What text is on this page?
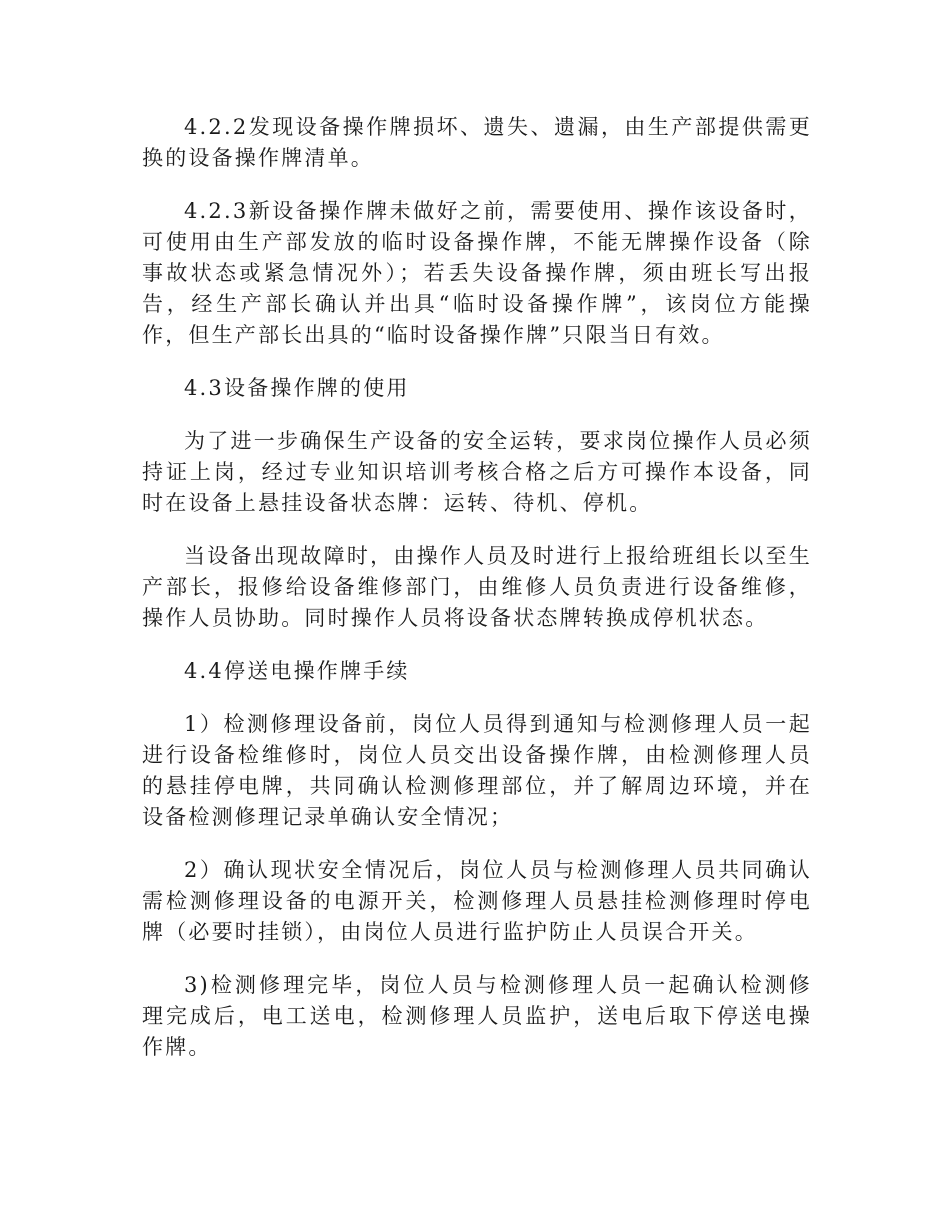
4.2.2发现设备操作牌损坏、遗失、遗漏，由生产部提供需更换的设备操作牌清单。

4.2.3新设备操作牌未做好之前，需要使用、操作该设备时，可使用由生产部发放的临时设备操作牌，不能无牌操作设备（除事故状态或紧急情况外）；若丢失设备操作牌，须由班长写出报告，经生产部长确认并出具“临时设备操作牌”，该岗位方能操作，但生产部长出具的“临时设备操作牌”只限当日有效。

4.3设备操作牌的使用

为了进一步确保生产设备的安全运转，要求岗位操作人员必须持证上岗，经过专业知识培训考核合格之后方可操作本设备，同时在设备上悬挂设备状态牌：运转、待机、停机。

当设备出现故障时，由操作人员及时进行上报给班组长以至生产部长，报修给设备维修部门，由维修人员负责进行设备维修，操作人员协助。同时操作人员将设备状态牌转换成停机状态。

4.4停送电操作牌手续

1）检测修理设备前，岗位人员得到通知与检测修理人员一起进行设备检维修时，岗位人员交出设备操作牌，由检测修理人员的悬挂停电牌，共同确认检测修理部位，并了解周边环境，并在设备检测修理记录单确认安全情况；

2）确认现状安全情况后，岗位人员与检测修理人员共同确认需检测修理设备的电源开关，检测修理人员悬挂检测修理时停电牌（必要时挂锁），由岗位人员进行监护防止人员误合开关。

3)检测修理完毕，岗位人员与检测修理人员一起确认检测修理完成后，电工送电，检测修理人员监护，送电后取下停送电操作牌。
